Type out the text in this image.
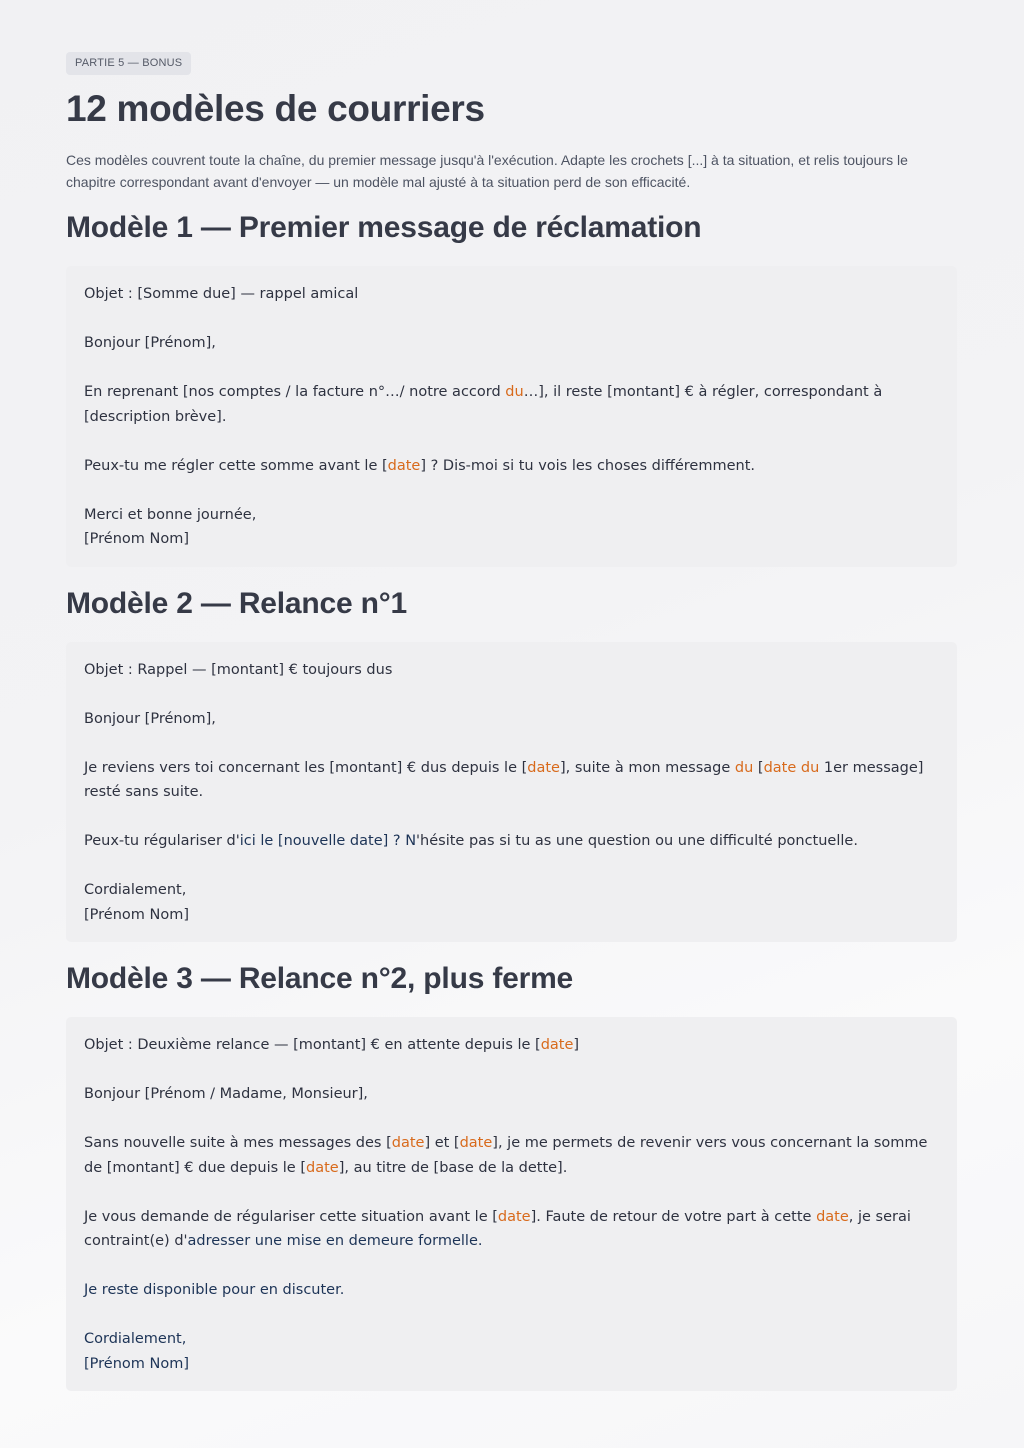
PARTIE 5 — BONUS
12 modèles de courriers

Ces modèles couvrent toute la chaîne, du premier message jusqu'à l'exécution. Adapte les crochets [...] à ta situation, et relis toujours le chapitre correspondant avant d'envoyer — un modèle mal ajusté à ta situation perd de son efficacité.

Modèle 1 — Premier message de réclamation

Objet : [Somme due] — rappel amical

Bonjour [Prénom],

En reprenant [nos comptes / la facture n°…/ notre accord du…], il reste [montant] € à régler, correspondant à [description brève].

Peux-tu me régler cette somme avant le [date] ? Dis-moi si tu vois les choses différemment.

Merci et bonne journée,
[Prénom Nom]

Modèle 2 — Relance n°1

Objet : Rappel — [montant] € toujours dus

Bonjour [Prénom],

Je reviens vers toi concernant les [montant] € dus depuis le [date], suite à mon message du [date du 1er message] resté sans suite.

Peux-tu régulariser d'ici le [nouvelle date] ? N'hésite pas si tu as une question ou une difficulté ponctuelle.

Cordialement,
[Prénom Nom]

Modèle 3 — Relance n°2, plus ferme

Objet : Deuxième relance — [montant] € en attente depuis le [date]

Bonjour [Prénom / Madame, Monsieur],

Sans nouvelle suite à mes messages des [date] et [date], je me permets de revenir vers vous concernant la somme de [montant] € due depuis le [date], au titre de [base de la dette].

Je vous demande de régulariser cette situation avant le [date]. Faute de retour de votre part à cette date, je serai contraint(e) d'adresser une mise en demeure formelle.

Je reste disponible pour en discuter.

Cordialement,
[Prénom Nom]
